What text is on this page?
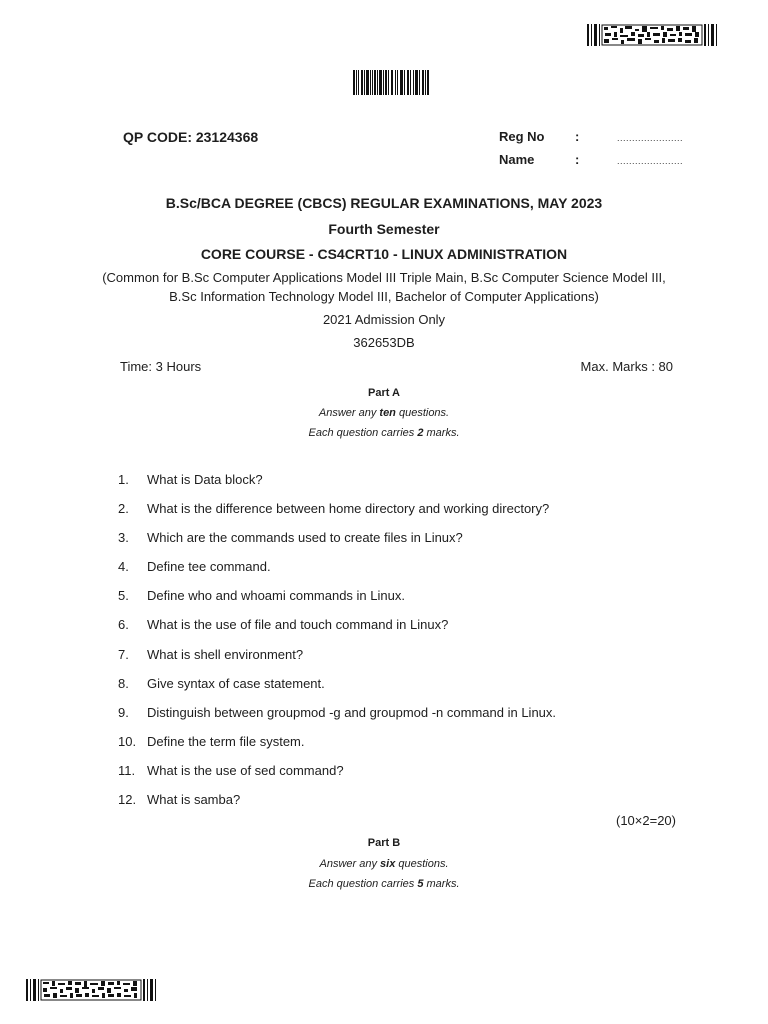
QP CODE: 23124368	Reg No :	......................
Name	:	......................
B.Sc/BCA DEGREE (CBCS) REGULAR EXAMINATIONS, MAY 2023
Fourth Semester
CORE COURSE - CS4CRT10 - LINUX ADMINISTRATION
(Common for B.Sc Computer Applications Model III Triple Main, B.Sc Computer Science Model III,
B.Sc Information Technology Model III, Bachelor of Computer Applications)
2021 Admission Only
362653DB
Time: 3 Hours	Max. Marks : 80
Part A
Answer any ten questions.
Each question carries 2 marks.
1. What is Data block?
2. What is the difference between home directory and working directory?
3. Which are the commands used to create files in Linux?
4. Define tee command.
5. Define who and whoami commands in Linux.
6. What is the use of file and touch command in Linux?
7. What is shell environment?
8. Give syntax of case statement.
9. Distinguish between groupmod -g and groupmod -n command in Linux.
10. Define the term file system.
11. What is the use of sed command?
12. What is samba?
(10×2=20)
Part B
Answer any six questions.
Each question carries 5 marks.
